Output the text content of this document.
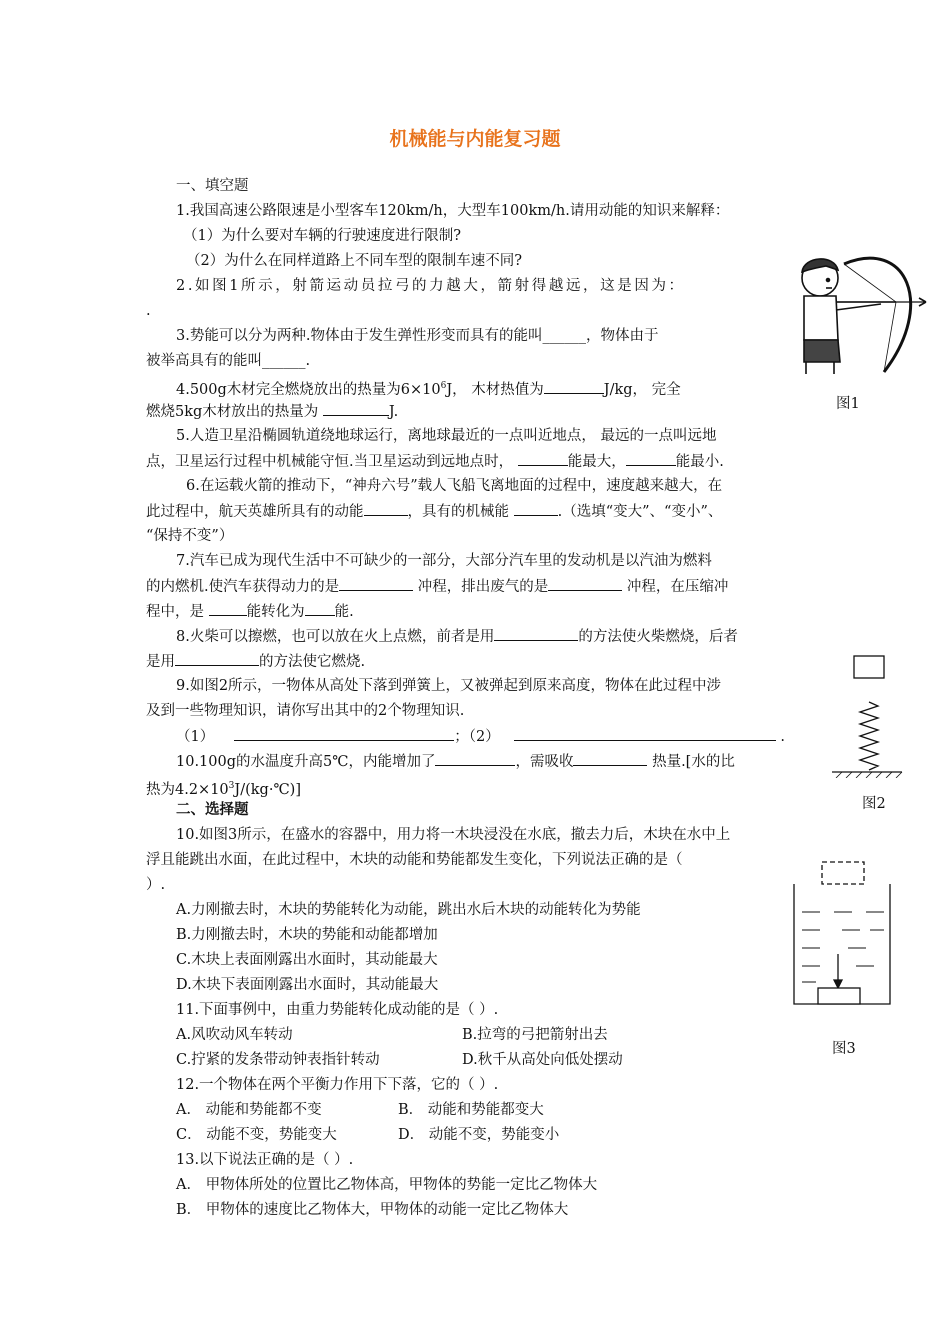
机械能与内能复习题
一、填空题
1.我国高速公路限速是小型客车120km/h，大型车100km/h.请用动能的知识来解释：
（1）为什么要对车辆的行驶速度进行限制?
（2）为什么在同样道路上不同车型的限制车速不同?
2.如图1所示，射箭运动员拉弓的力越大，箭射得越远，这是因为：
.
3.势能可以分为两种.物体由于发生弹性形变而具有的能叫______，物体由于
被举高具有的能叫______.
4.500g木材完全燃烧放出的热量为$6\times 10^6J$， 木材热值为	J/kg， 完全
燃烧5kg木材放出的热量为	J.
5.人造卫星沿椭圆轨道绕地球运行，离地球最近的一点叫近地点， 最远的一点叫远地
点，卫星运行过程中机械能守恒.当卫星运动到远地点时，	能最大，	能最小.
6.在运载火箭的推动下，“神舟六号”载人飞船飞离地面的过程中，速度越来越大，在
此过程中，航天英雄所具有的动能	，具有的机械能	.（选填“变大”、“变小”、
“保持不变”）
7.汽车已成为现代生活中不可缺少的一部分，大部分汽车里的发动机是以汽油为燃料
的内燃机.使汽车获得动力的是	冲程，排出废气的是	冲程，在压缩冲
程中，是	能转化为 能.
8.火柴可以擦燃，也可以放在火上点燃，前者是用	的方法使火柴燃烧，后者
是用	的方法使它燃烧.
9.如图2所示，一物体从高处下落到弹簧上，又被弹起到原来高度，物体在此过程中涉
及到一些物理知识，请你写出其中的2个物理知识.
（1）	；（2）	.
10.100g的水温度升高5℃，内能增加了	，需吸收	热量.[水的比
热为$4.2\times 10^3J/(kg\cdot℃)$]
二、选择题
10.如图3所示，在盛水的容器中，用力将一木块浸没在水底，撤去力后，木块在水中上
浮且能跳出水面，在此过程中，木块的动能和势能都发生变化，下列说法正确的是（
）.
A.力刚撤去时，木块的势能转化为动能，跳出水后木块的动能转化为势能
B.力刚撤去时，木块的势能和动能都增加
C.木块上表面刚露出水面时，其动能最大
D.木块下表面刚露出水面时，其动能最大
11.下面事例中，由重力势能转化成动能的是（ ）.
A.风吹动风车转动	B.拉弯的弓把箭射出去
C.拧紧的发条带动钟表指针转动	D.秋千从高处向低处摆动
12.一个物体在两个平衡力作用下下落，它的（ ）.
A． 动能和势能都不变	B． 动能和势能都变大
C． 动能不变，势能变大	D． 动能不变，势能变小
13.以下说法正确的是（ ）.
A． 甲物体所处的位置比乙物体高，甲物体的势能一定比乙物体大
B． 甲物体的速度比乙物体大，甲物体的动能一定比乙物体大
图1
图2
图3
